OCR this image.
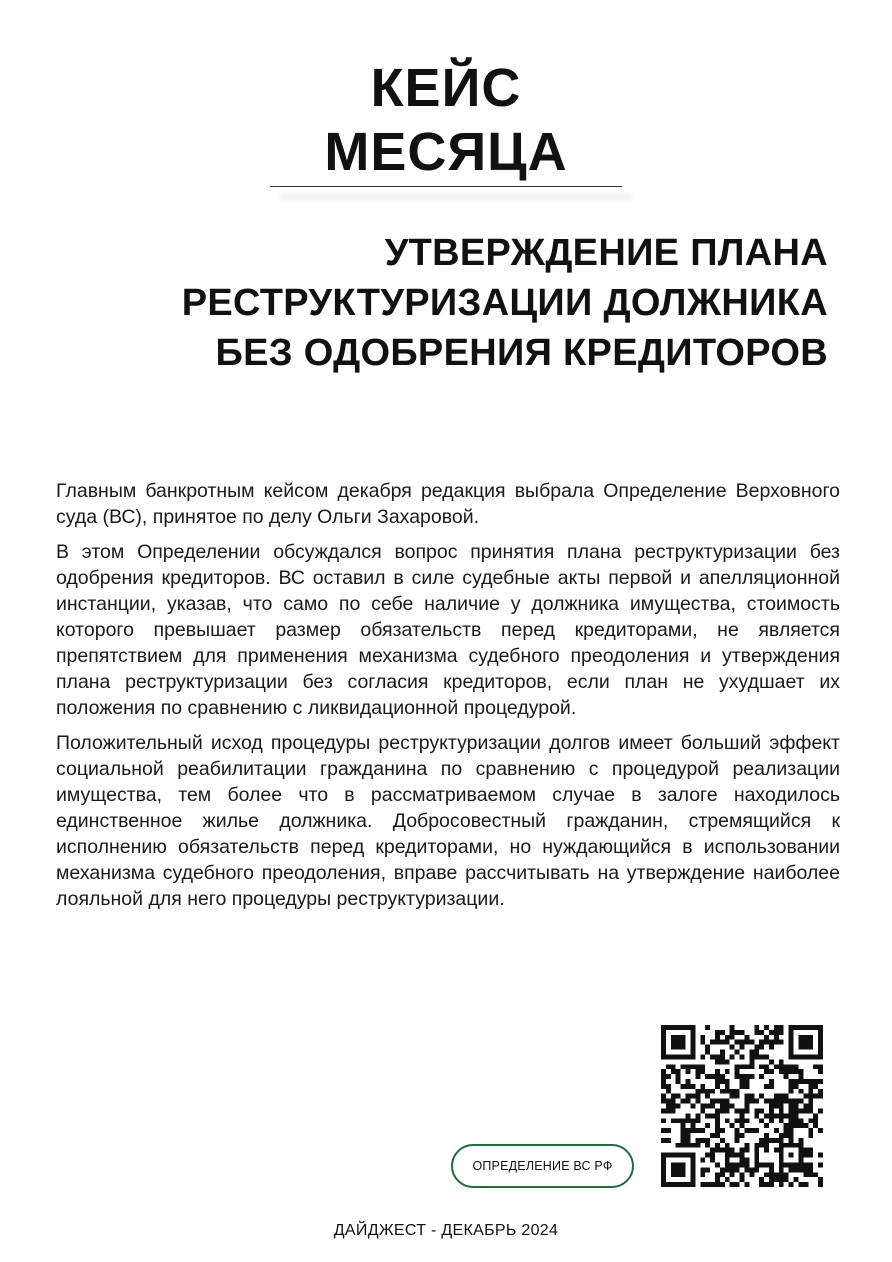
КЕЙС
МЕСЯЦА
УТВЕРЖДЕНИЕ ПЛАНА
РЕСТРУКТУРИЗАЦИИ ДОЛЖНИКА
БЕЗ ОДОБРЕНИЯ КРЕДИТОРОВ

Главным банкротным кейсом декабря редакция выбрала Определение Верховного суда (ВС), принятое по делу Ольги Захаровой.

В этом Определении обсуждался вопрос принятия плана реструктуризации без одобрения кредиторов. ВС оставил в силе судебные акты первой и апелляционной инстанции, указав, что само по себе наличие у должника имущества, стоимость которого превышает размер обязательств перед кредиторами, не является препятствием для применения механизма судебного преодоления и утверждения плана реструктуризации без согласия кредиторов, если план не ухудшает их положения по сравнению с ликвидационной процедурой.

Положительный исход процедуры реструктуризации долгов имеет больший эффект социальной реабилитации гражданина по сравнению с процедурой реализации имущества, тем более что в рассматриваемом случае в залоге находилось единственное жилье должника. Добросовестный гражданин, стремящийся к исполнению обязательств перед кредиторами, но нуждающийся в использовании механизма судебного преодоления, вправе рассчитывать на утверждение наиболее лояльной для него процедуры реструктуризации.

ОПРЕДЕЛЕНИЕ ВС РФ
ДАЙДЖЕСТ - ДЕКАБРЬ 2024
